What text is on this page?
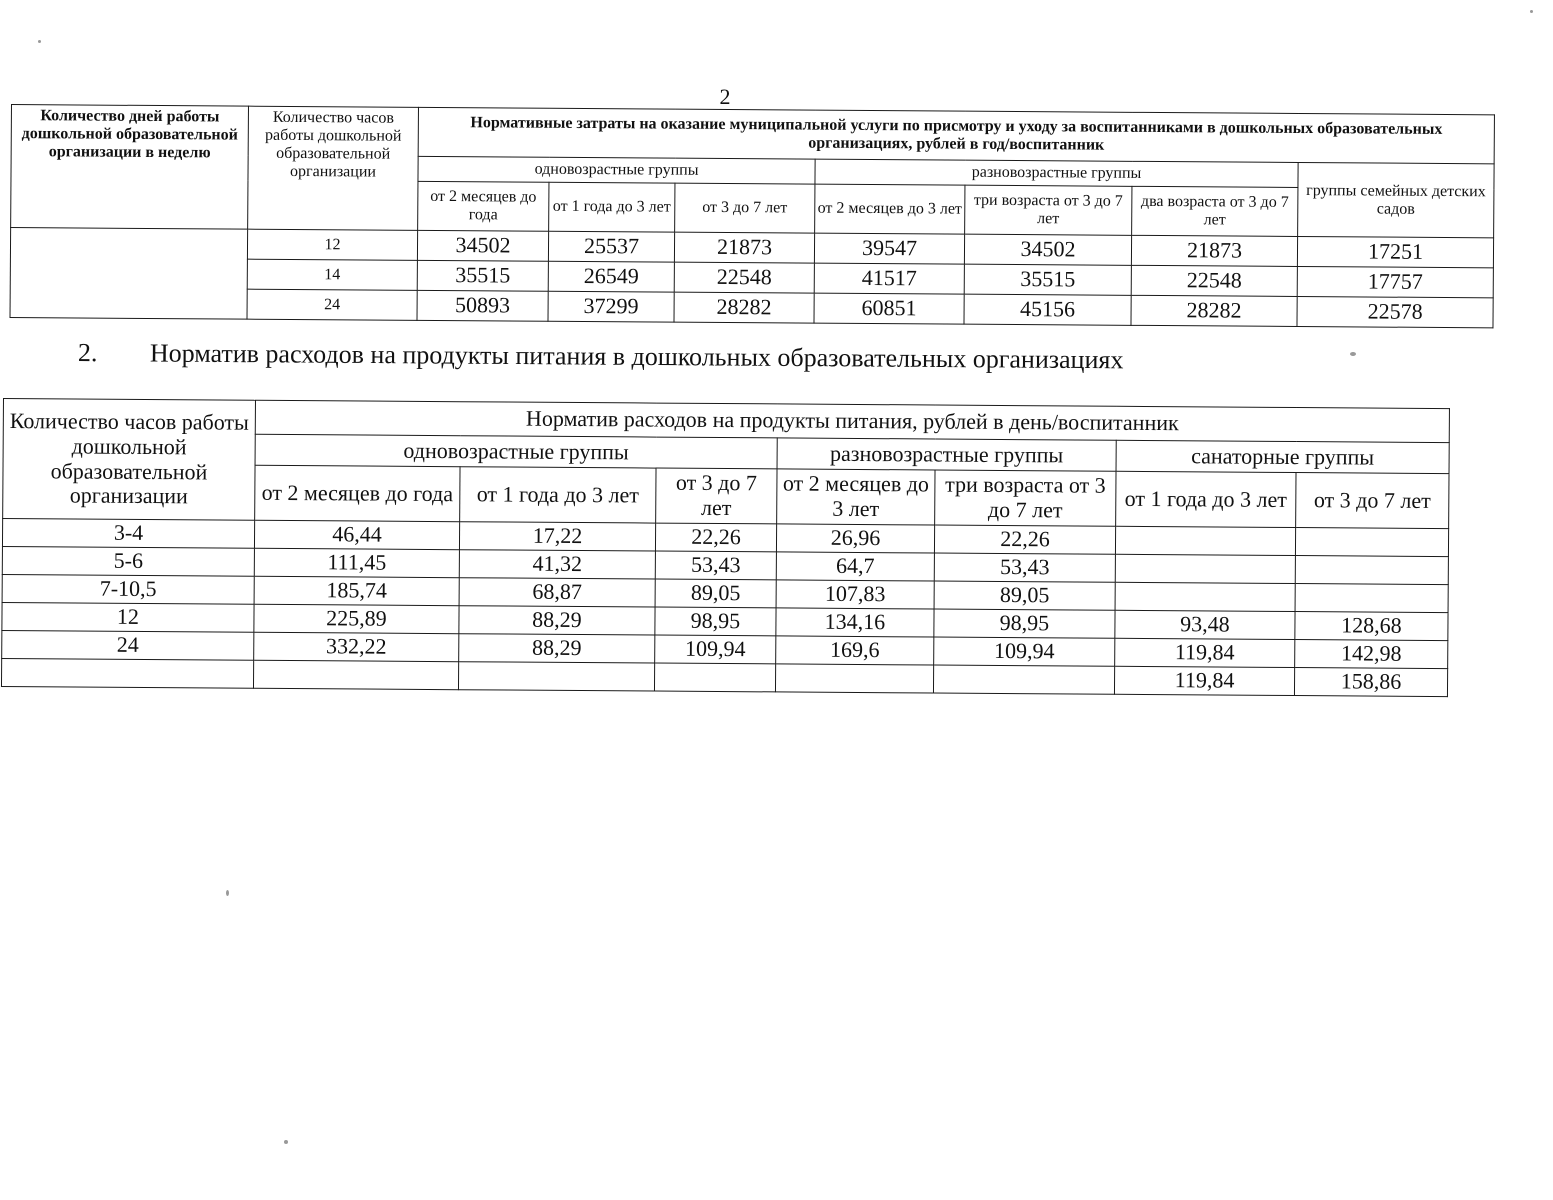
2
Количество дней работы дошкольной образовательной организации в неделю	Количество часов работы дошкольной образовательной организации	Нормативные затраты на оказание муниципальной услуги по присмотру и уходу за воспитанниками в дошкольных образовательных организациях, рублей в год/воспитанник						
		одновозрастные группы			разновозрастные группы			группы семейных детских садов
		от 2 месяцев до года	от 1 года до 3 лет	от 3 до 7 лет	от 2 месяцев до 3 лет	три возраста от 3 до 7 лет	два возраста от 3 до 7 лет	
	12	34502	25537	21873	39547	34502	21873	17251
	14	35515	26549	22548	41517	35515	22548	17757
	24	50893	37299	28282	60851	45156	28282	22578
2. Норматив расходов на продукты питания в дошкольных образовательных организациях
Количество часов работы дошкольной образовательной организации	Норматив расходов на продукты питания, рублей в день/воспитанник						
	одновозрастные группы			разновозрастные группы		санаторные группы	
	от 2 месяцев до года	от 1 года до 3 лет	от 3 до 7 лет	от 2 месяцев до 3 лет	три возраста от 3 до 7 лет	от 1 года до 3 лет	от 3 до 7 лет
3-4	46,44	17,22	22,26	26,96	22,26		
5-6	111,45	41,32	53,43	64,7	53,43		
7-10,5	185,74	68,87	89,05	107,83	89,05		
12	225,89	88,29	98,95	134,16	98,95	93,48	128,68
24	332,22	88,29	109,94	169,6	109,94	119,84	142,98
						119,84	158,86
